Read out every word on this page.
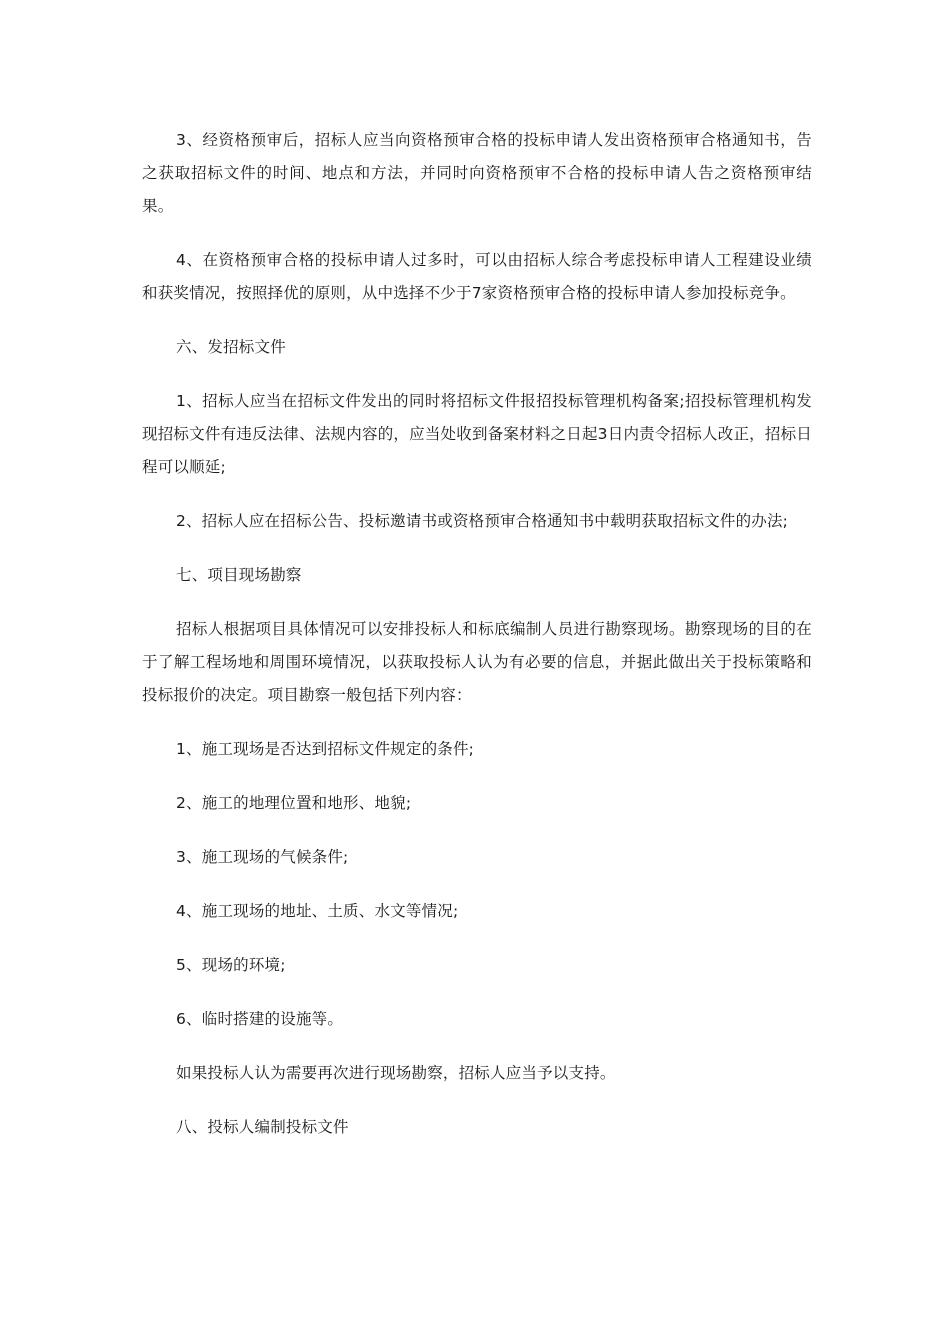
3、经资格预审后，招标人应当向资格预审合格的投标申请人发出资格预审合格通知书，告之获取招标文件的时间、地点和方法，并同时向资格预审不合格的投标申请人告之资格预审结果。

4、在资格预审合格的投标申请人过多时，可以由招标人综合考虑投标申请人工程建设业绩和获奖情况，按照择优的原则，从中选择不少于7家资格预审合格的投标申请人参加投标竞争。

六、发招标文件

1、招标人应当在招标文件发出的同时将招标文件报招投标管理机构备案;招投标管理机构发现招标文件有违反法律、法规内容的，应当处收到备案材料之日起3日内责令招标人改正，招标日程可以顺延;

2、招标人应在招标公告、投标邀请书或资格预审合格通知书中载明获取招标文件的办法;

七、项目现场勘察

招标人根据项目具体情况可以安排投标人和标底编制人员进行勘察现场。勘察现场的目的在于了解工程场地和周围环境情况，以获取投标人认为有必要的信息，并据此做出关于投标策略和投标报价的决定。项目勘察一般包括下列内容：

1、施工现场是否达到招标文件规定的条件;

2、施工的地理位置和地形、地貌;

3、施工现场的气候条件;

4、施工现场的地址、土质、水文等情况;

5、现场的环境;

6、临时搭建的设施等。

如果投标人认为需要再次进行现场勘察，招标人应当予以支持。

八、投标人编制投标文件
